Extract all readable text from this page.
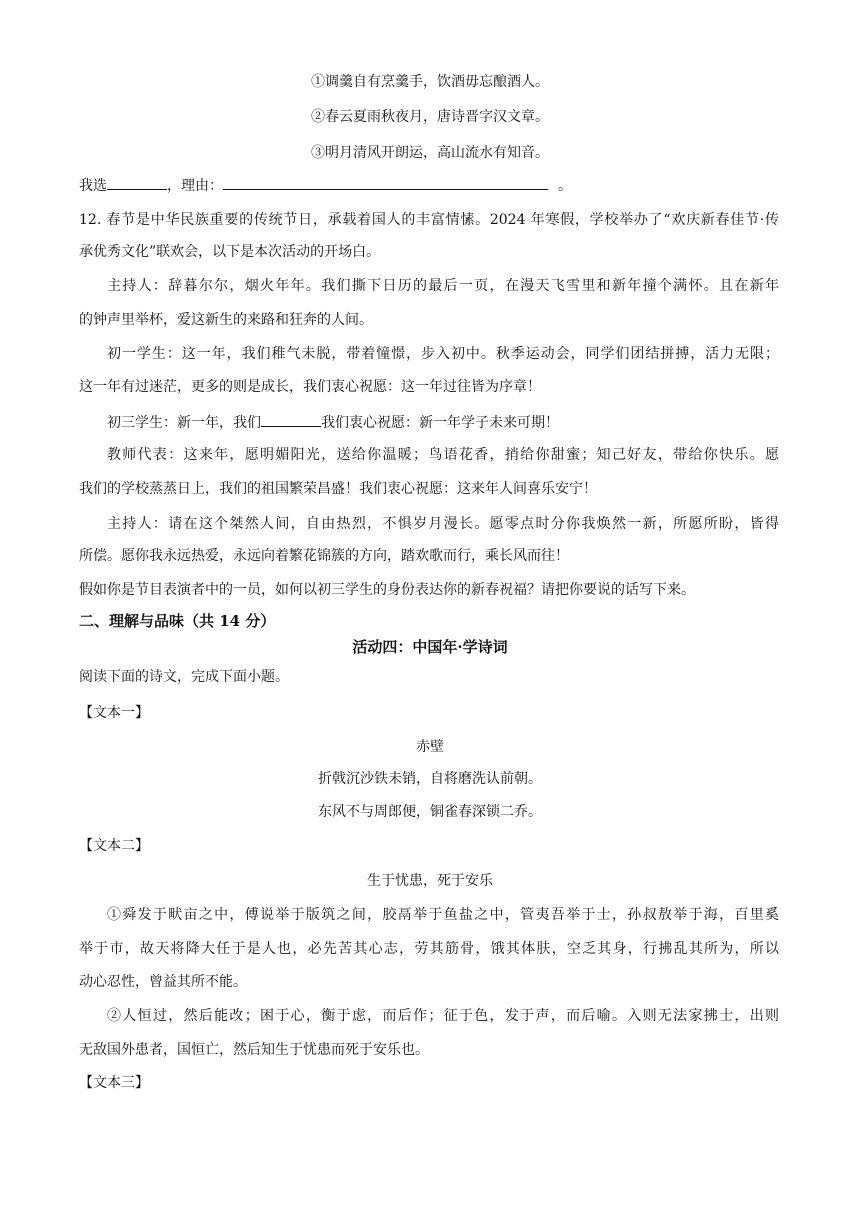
①调羹自有烹羹手，饮酒毋忘酿酒人。
②春云夏雨秋夜月，唐诗晋字汉文章。
③明月清风开朗运，高山流水有知音。
我选	，理由：	。
12. 春节是中华民族重要的传统节日，承载着国人的丰富情愫。2024 年寒假，学校举办了“欢庆新春佳节·传
承优秀文化”联欢会，以下是本次活动的开场白。
主持人：辞暮尔尔，烟火年年。我们撕下日历的最后一页，在漫天飞雪里和新年撞个满怀。且在新年
的钟声里举杯，爱这新生的来路和狂奔的人间。
初一学生：这一年，我们稚气未脱，带着憧憬，步入初中。秋季运动会，同学们团结拼搏，活力无限；
这一年有过迷茫，更多的则是成长，我们衷心祝愿：这一年过往皆为序章！
初三学生：新一年，我们	我们衷心祝愿：新一年学子未来可期！
教师代表：这来年，愿明媚阳光，送给你温暖；鸟语花香，捎给你甜蜜；知己好友，带给你快乐。愿
我们的学校蒸蒸日上，我们的祖国繁荣昌盛！我们衷心祝愿：这来年人间喜乐安宁！
主持人：请在这个桀然人间，自由热烈，不惧岁月漫长。愿零点时分你我焕然一新，所愿所盼，皆得
所偿。愿你我永远热爱，永远向着繁花锦簇的方向，踏欢歌而行，乘长风而往！
假如你是节目表演者中的一员，如何以初三学生的身份表达你的新春祝福？请把你要说的话写下来。
二、理解与品味（共 14 分）
活动四：中国年·学诗词
阅读下面的诗文，完成下面小题。
【文本一】
赤壁
折戟沉沙铁未销，自将磨洗认前朝。
东风不与周郎便，铜雀春深锁二乔。
【文本二】
生于忧患，死于安乐
①舜发于畎亩之中，傅说举于版筑之间，胶鬲举于鱼盐之中，管夷吾举于士，孙叔敖举于海，百里奚
举于市，故天将降大任于是人也，必先苦其心志，劳其筋骨，饿其体肤，空乏其身，行拂乱其所为，所以
动心忍性，曾益其所不能。
②人恒过，然后能改；困于心，衡于虑，而后作；征于色，发于声，而后喻。入则无法家拂士，出则
无敌国外患者，国恒亡，然后知生于忧患而死于安乐也。
【文本三】
